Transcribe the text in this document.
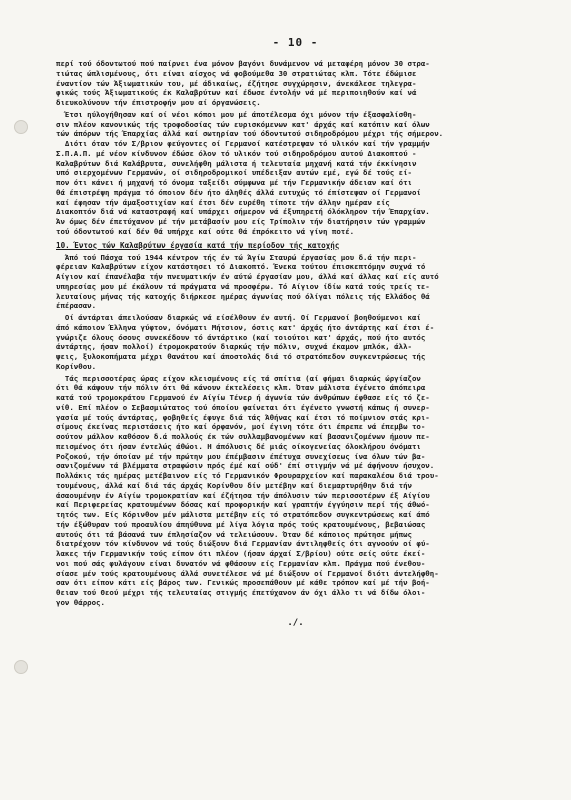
- 10 -
περί τού όδοντωτού πού παίρνει ένα μόνον βαγόνι δυνάμενον νά μεταφέρη μόνον 30 στρα-
τιώτας ώπλισμένους, ότι είναι αίσχος νά φοβούμεθα 30 στρατιώτας κλπ. Τότε έδώμισε
έναντίον τών Άξιωματικών του, μέ άδικαίως, έζήτησε συγχώρησιν, άνεκάλεσε τηλεγρα-
φικώς τούς Άξιωματικούς έκ Καλαβρύτων καί έδωσε έντολήν νά μέ περιποιηθούν καί νά
διευκολύνουν τήν έπιστροφήν μου αί όργανώσεις.
Έτσι ηύλογήθησαν καί οί νέοι κόποι μου μέ άποτέλεσμα όχι μόνον τήν έξασφαλίσθη-
σιν πλέον κανονικώς τής τροφοδοσίας τών ευρισκόμενων κατ' άρχάς καί κατόπιν καί όλων
τών άπόρων τής Έπαρχίας άλλά καί σωτηρίαν τού όδοντωτού σιδηροδρόμου μέχρι τής σήμερον.
Διότι όταν τόν Σ/βριον φεύγοντες οί Γερμανοί κατέστρεψαν τό υλικόν καί τήν γραμμήν
Σ.Π.Α.Π. μέ νέον κίνδυνον έδώσε όλον τό υλικόν τού σιδηροδρόμου αυτού Διακοπτού -
Καλαβρύτων διά Καλάβρυτα, συνελήφθη μάλιστα ή τελευταία μηχανή κατά τήν έκκίνησιν
υπό σιερχομένων Γερμανών, οί σιδηροδρομικοί υπέδειξαν αυτών εμέ, εγώ δέ τούς εί-
πον ότι κάνει ή μηχανή τό όνομα ταξείδι σύμφωνα μέ τήν Γερμανικήν άδειαν καί ότι
θά έπιστρέψη πράγμα τό όποιον δέν ήτο άληθές άλλά ευτυχώς τό έπίστεψαν οί Γερμανοί
καί έφησαν τήν άμαξοστιχίαν καί έτσι δέν ευρέθη τίποτε τήν άλλην ημέραν είς
Διακοπτόν διά νά καταστραφή καί υπάρχει σήμερον νά έξυπηρετή όλόκληρον τήν Έπαρχίαν.
Άν όμως δέν έπετύχανον μέ τήν μετάβασίν μου είς Τρίπολιν τήν διατήρησιν τών γραμμών
τού όδοντωτού καί δέν θά υπήρχε καί ούτε θά έπρόκειτο νά γίνη ποτέ.
10. Έντος τών Καλαβρύτων έργασία κατά τήν περίοδον τής κατοχής
Άπό τού Πάσχα τού 1944 κέντρον τής έν τώ Άγίω Σταυρώ έργασίας μου δ.ά τήν περι-
φέρειαν Καλαβρύτων είχον κατάστησει τό Διακοπτό. Ένεκα τούτου έπισκεπτόμην συχνά τό
Αίγιον καί έπανέλαβα τήν πνευματικήν έν αύτώ έργασίαν μου, άλλά καί άλλας καί είς αυτό
υπηρεσίας μου μέ έκάλουν τά πράγματα νά προσφέρω. Τό Αίγιον ίδίω κατά τούς τρείς τε-
λευταίους μήνας τής κατοχής διήρκεσε ημέρας άγωνίας πού όλίγαι πόλεις τής Ελλάδος θά
έπέρασαν.
Οί άντάρται άπειλούσαν διαρκώς νά είσέλθουν έν αυτή. Οί Γερμανοί βοηθούμενοι καί
άπό κάποιον Έλληνα γύφτον, όνόματι Μήτσιον, όστις κατ' άρχάς ήτο άντάρτης καί έτσι έ-
γνώριζε όλους όσους συνεκέδουν τό άντάρτικο (καί τοιούτοι κατ' άρχάς, πού ήτο αυτός
άντάρτης, ήσαν πολλοί) έτρομοκρατούν διαρκώς τήν πόλιν, συχνά έκαμον μπλόκ, άλλ-
ψεις, ξυλοκοπήματα μέχρι θανάτου καί άποστολάς διά τό στρατόπεδον συγκεντρώσεως τής
Κορίνθου.
Τάς περισσοτέρας ώρας είχον κλεισμένους είς τά σπίτια (αί φήμαι διαρκώς ώργίαζον
ότι θά κάψουν τήν πόλιν ότι θά κάνουν έκτελέσεις κλπ. Όταν μάλιστα έγένετο άπόπειρα
κατά τού τρομοκράτου Γερμανού έν Αίγίω Τένερ ή άγωνία τών άνθρώπων έφθασε είς τό ζε-
νίθ. Επί πλέον ο Σεβασμιώτατος τού όποίου φαίνεται ότι έγένετο γνωστή κάπως ή συνερ-
γασία μέ τούς άντάρτας, φοβηθείς έφυγε διά τάς Άθήνας καί έτσι τό ποίμνιον στάς κρι-
σίμους έκείνας περιστάσεις ήτο καί όρφανόν, μοί έγινη τότε ότι έπρεπε νά έπεμβω το-
σούτον μάλλον καθόσον δ.ά πολλούς έκ τών συλλαμβανομένων καί βασανιζομένων ήμουν πε-
πεισμένος ότι ήσαν έντελώς άθώοι. Η άπόλυσις δέ μιάς οίκογενείας όλοκλήρου όνόματι
Ροζοκού, τήν όποίαν μέ τήν πρώτην μου έπέμβασιν έπέτυχα συνεχίσεως ίνα όλων τών βα-
σανιζομένων τά βλέμματα στραφώσιν πρός έμέ καί ούδ' έπί στιγμήν νά μέ άφήνουν ήσυχον.
Πολλάκις τάς ημέρας μετέβαινον είς τό Γερμανικόν Φρουραρχείον καί παρακαλέσω διά τρου-
τουμένους, άλλά καί διά τάς άρχάς Κορίνθου δίν μετέβην καί διεμαρτυρήθην διά τήν
άσαουμένην έν Αίγίω τρομοκρατίαν καί έζήτησα τήν άπόλυσιν τών περισσοτέρων έξ Αίγίου
καί Περιφερείας κρατουμένων δόσας καί προφορικήν καί γραπτήν έγγύησιν περί τής άθωό-
τητός των. Είς Κόρινθον μέν μάλιστα μετέβην είς τό στρατόπεδον συγκεντρώσεως καί άπό
τήν έξώθυραν τού προαυλίου άπηύθυνα μέ λίγα λόγια πρός τούς κρατουμένους, βεβαιώσας
αυτούς ότι τά βάσανά των έπλησίαζον νά τελειώσουν. Όταν δέ κάποιος πρώτησε μήπως
διατρέχουν τόν κίνδυνον νά τούς διώξουν διά Γερμανίαν άντιληφθείς ότι αγνοούν οί φύ-
λακες τήν Γερμανικήν τούς είπον ότι πλέον (ήσαν άρχαί Σ/βρίου) ούτε σείς ούτε έκεί-
νοι πού σάς φυλάγουν είναι δυνατόν νά φθάσουν είς Γερμανίαν κλπ. Πράγμα πού ένεθου-
σίασε μέν τούς κρατουμένους άλλά συνετέλεσε νά μέ διώξουν οί Γερμανοί διότι άντελήφθη-
σαν ότι είπον κάτι είς βάρος των. Γενικώς προσεπάθουν μέ κάθε τρόπον καί μέ τήν βοή-
θειαν τού Θεού μέχρι τής τελευταίας στιγμής έπετύχανον άν όχι άλλο τι νά δίδω όλοι-
γον θάρρος.
./.
